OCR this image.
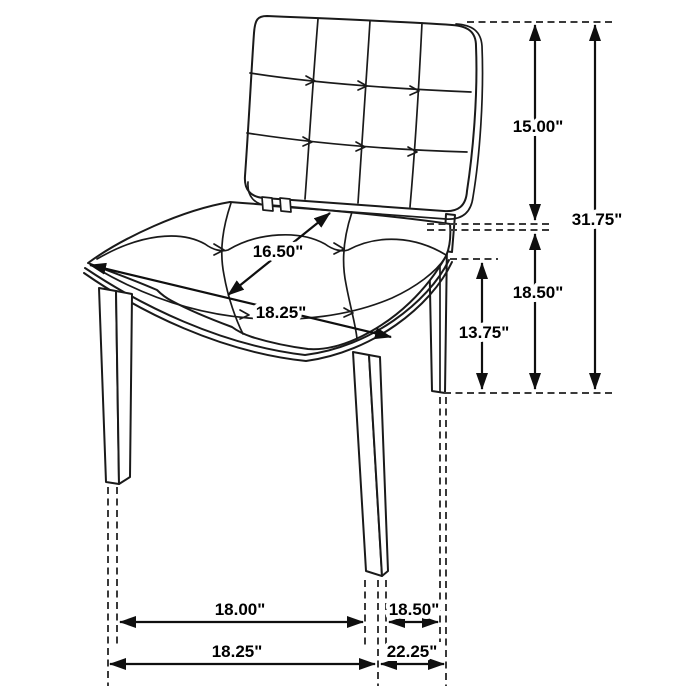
15.00"
31.75"
18.50"
13.75"
16.50"
18.25"
18.00"	18.50"
18.25"	22.25"
